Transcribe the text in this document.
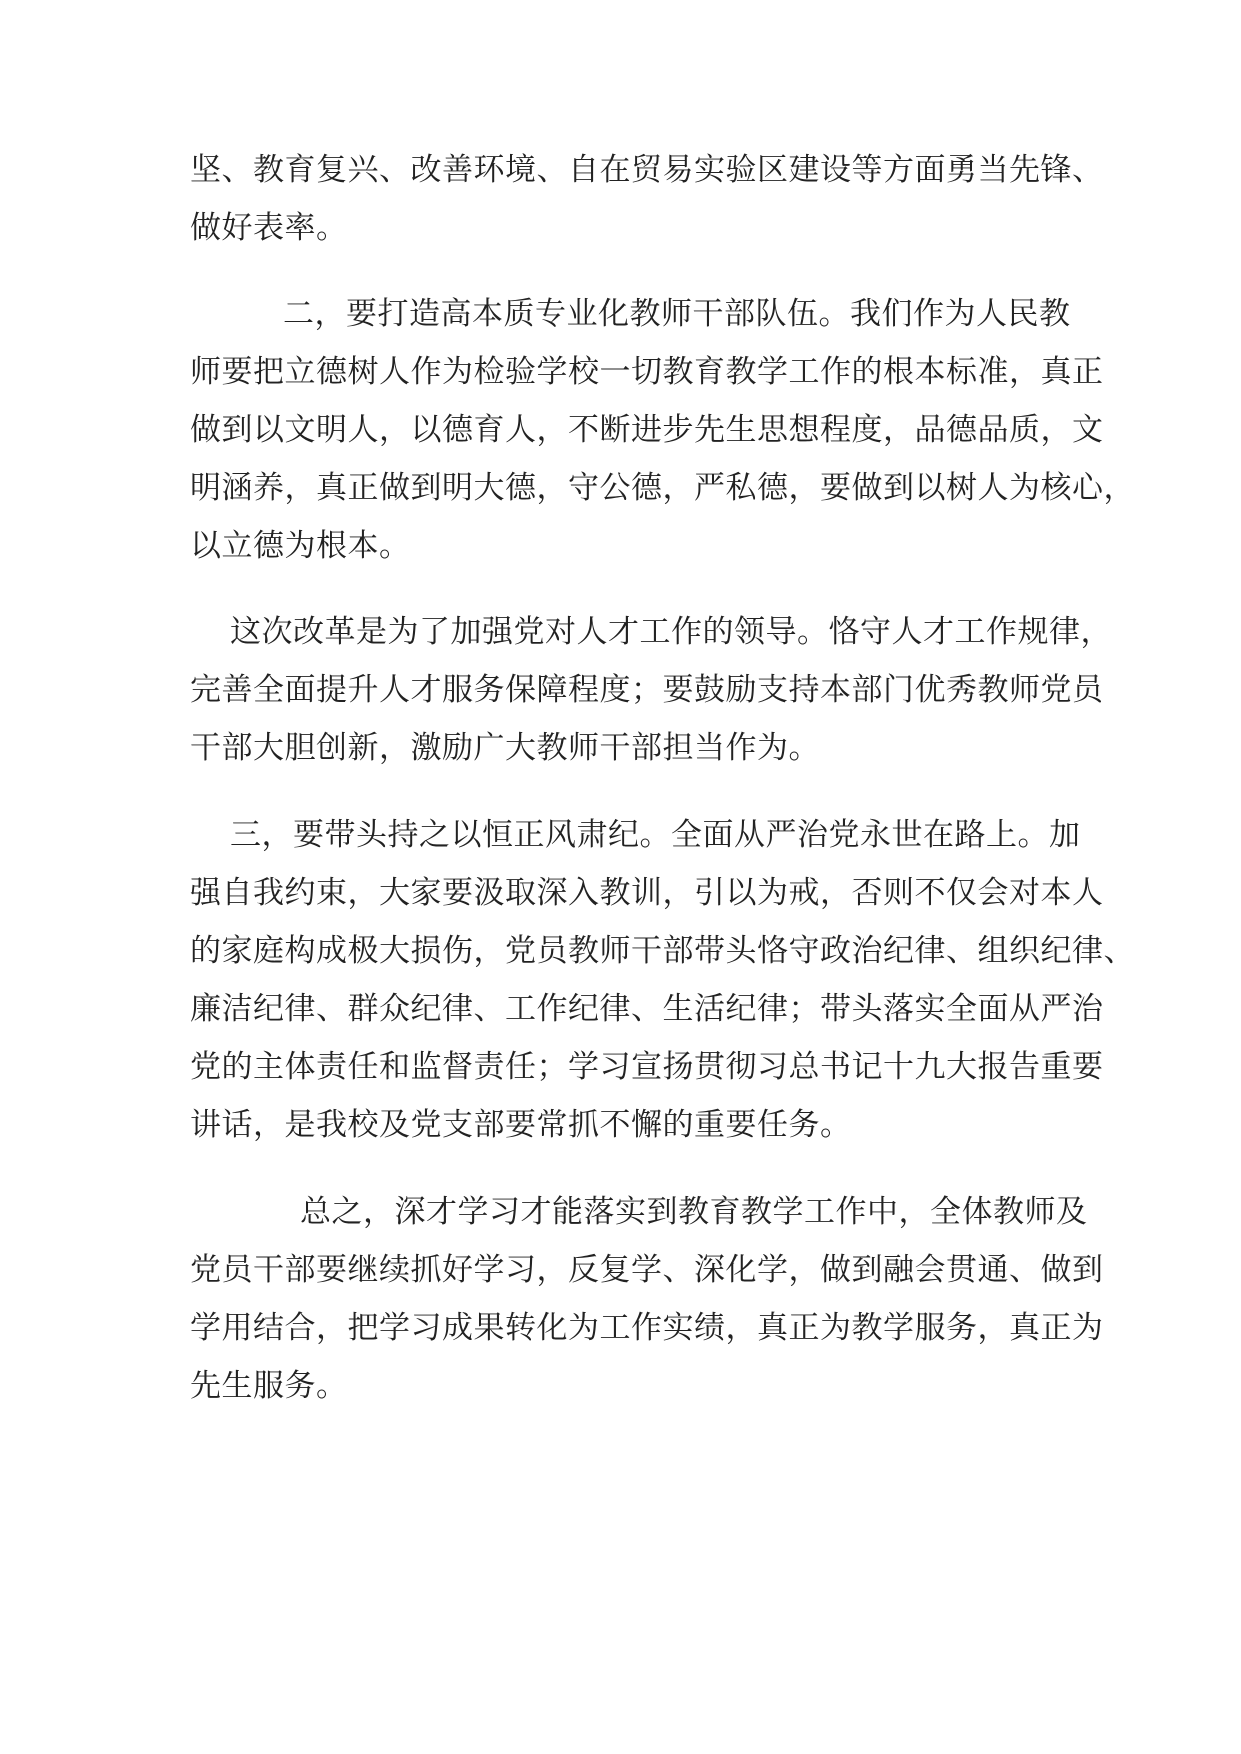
坚、教育复兴、改善环境、自在贸易实验区建设等方面勇当先锋、
做好表率。
二，要打造高本质专业化教师干部队伍。我们作为人民教
师要把立德树人作为检验学校一切教育教学工作的根本标准，真正
做到以文明人，以德育人，不断进步先生思想程度，品德品质，文
明涵养，真正做到明大德，守公德，严私德，要做到以树人为核心，
以立德为根本。
这次改革是为了加强党对人才工作的领导。恪守人才工作规律，
完善全面提升人才服务保障程度；要鼓励支持本部门优秀教师党员
干部大胆创新，激励广大教师干部担当作为。
三，要带头持之以恒正风肃纪。全面从严治党永世在路上。加
强自我约束，大家要汲取深入教训，引以为戒，否则不仅会对本人
的家庭构成极大损伤，党员教师干部带头恪守政治纪律、组织纪律、
廉洁纪律、群众纪律、工作纪律、生活纪律；带头落实全面从严治
党的主体责任和监督责任；学习宣扬贯彻习总书记十九大报告重要
讲话，是我校及党支部要常抓不懈的重要任务。
总之，深才学习才能落实到教育教学工作中，全体教师及
党员干部要继续抓好学习，反复学、深化学，做到融会贯通、做到
学用结合，把学习成果转化为工作实绩，真正为教学服务，真正为
先生服务。
